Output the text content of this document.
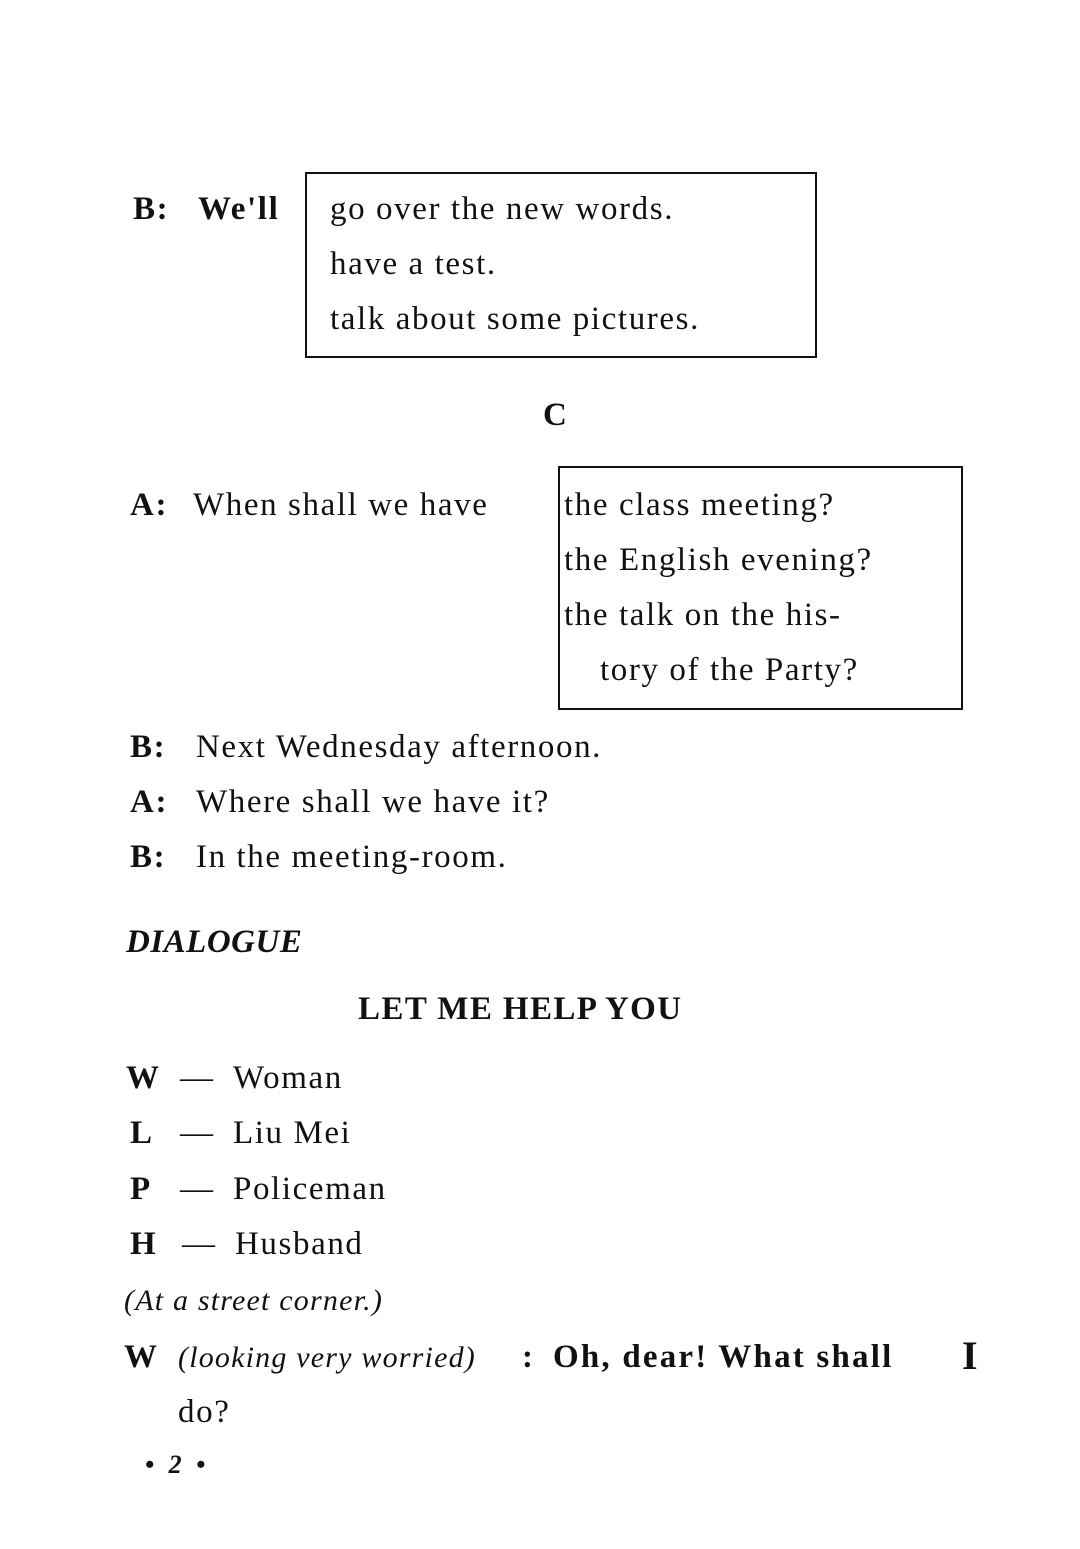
B: We'll go over the new words.
have a test.
talk about some pictures.
C
A: When shall we have the class meeting?
the English evening?
the talk on the his-
tory of the Party?
B: Next Wednesday afternoon.
A: Where shall we have it?
B: In the meeting-room.
DIALOGUE
LET ME HELP YOU
W — Woman
L — Liu Mei
P — Policeman
H — Husband
(At a street corner.)
W (looking very worried) : Oh, dear! What shall I
do?
• 2 •
